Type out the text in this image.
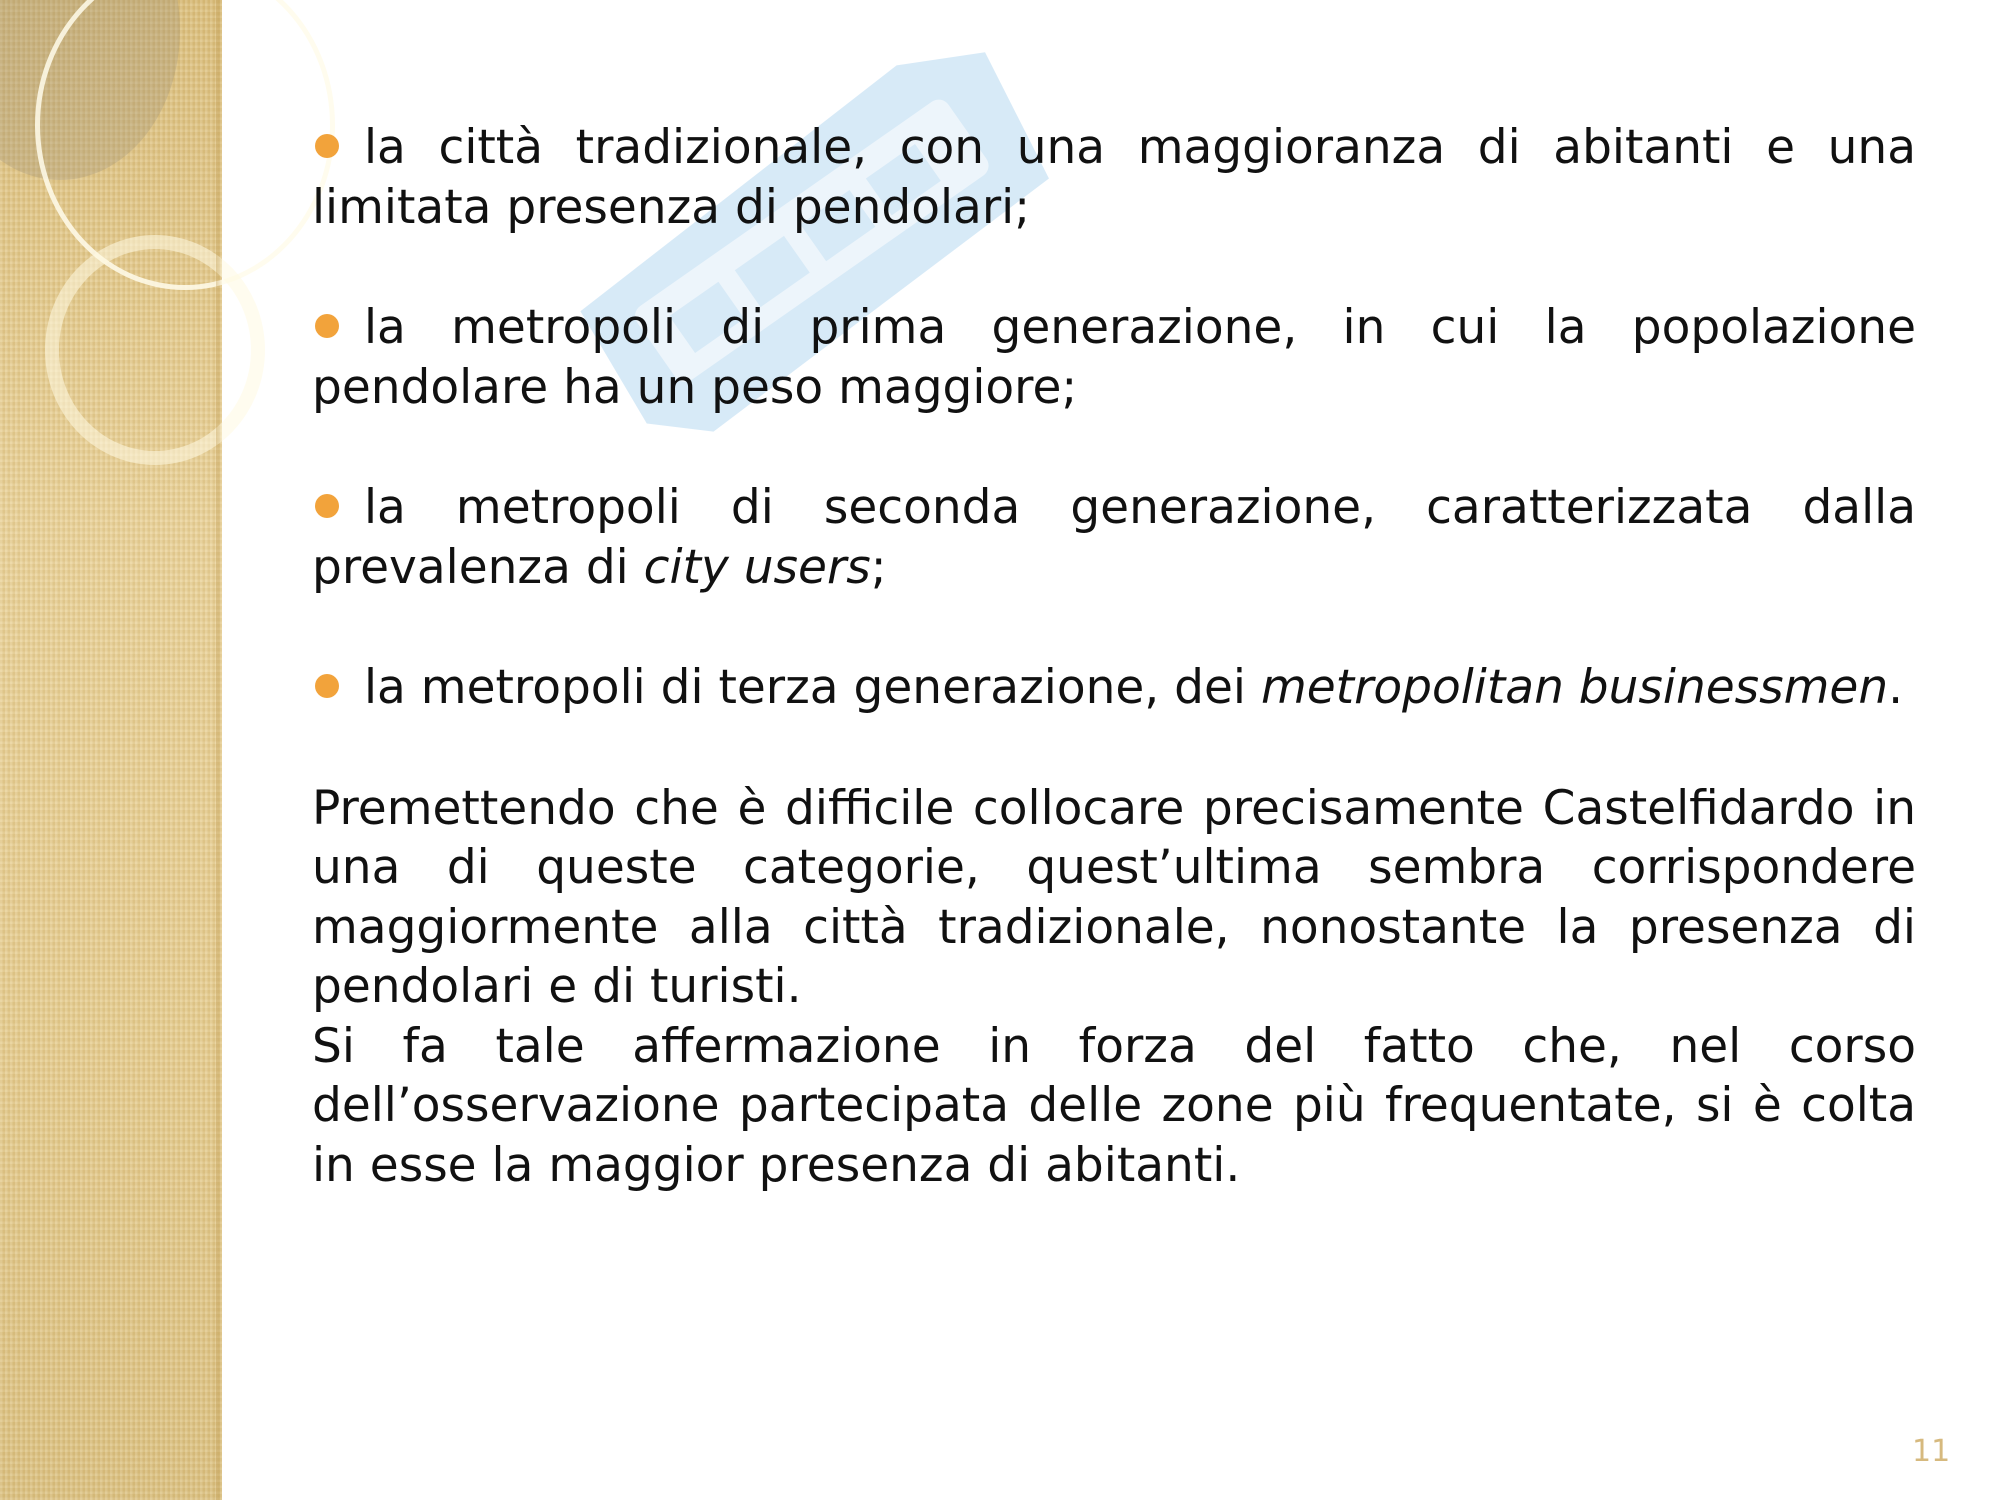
la città tradizionale, con una maggioranza di abitanti e una limitata presenza di pendolari;

la metropoli di prima generazione, in cui la popolazione pendolare ha un peso maggiore;

la metropoli di seconda generazione, caratterizzata dalla prevalenza di city users;

la metropoli di terza generazione, dei metropolitan businessmen.

Premettendo che è difficile collocare precisamente Castelfidardo in una di queste categorie, quest’ultima sembra corrispondere maggiormente alla città tradizionale, nonostante la presenza di pendolari e di turisti.

Si fa tale affermazione in forza del fatto che, nel corso dell’osservazione partecipata delle zone più frequentate, si è colta in esse la maggior presenza di abitanti.

11
